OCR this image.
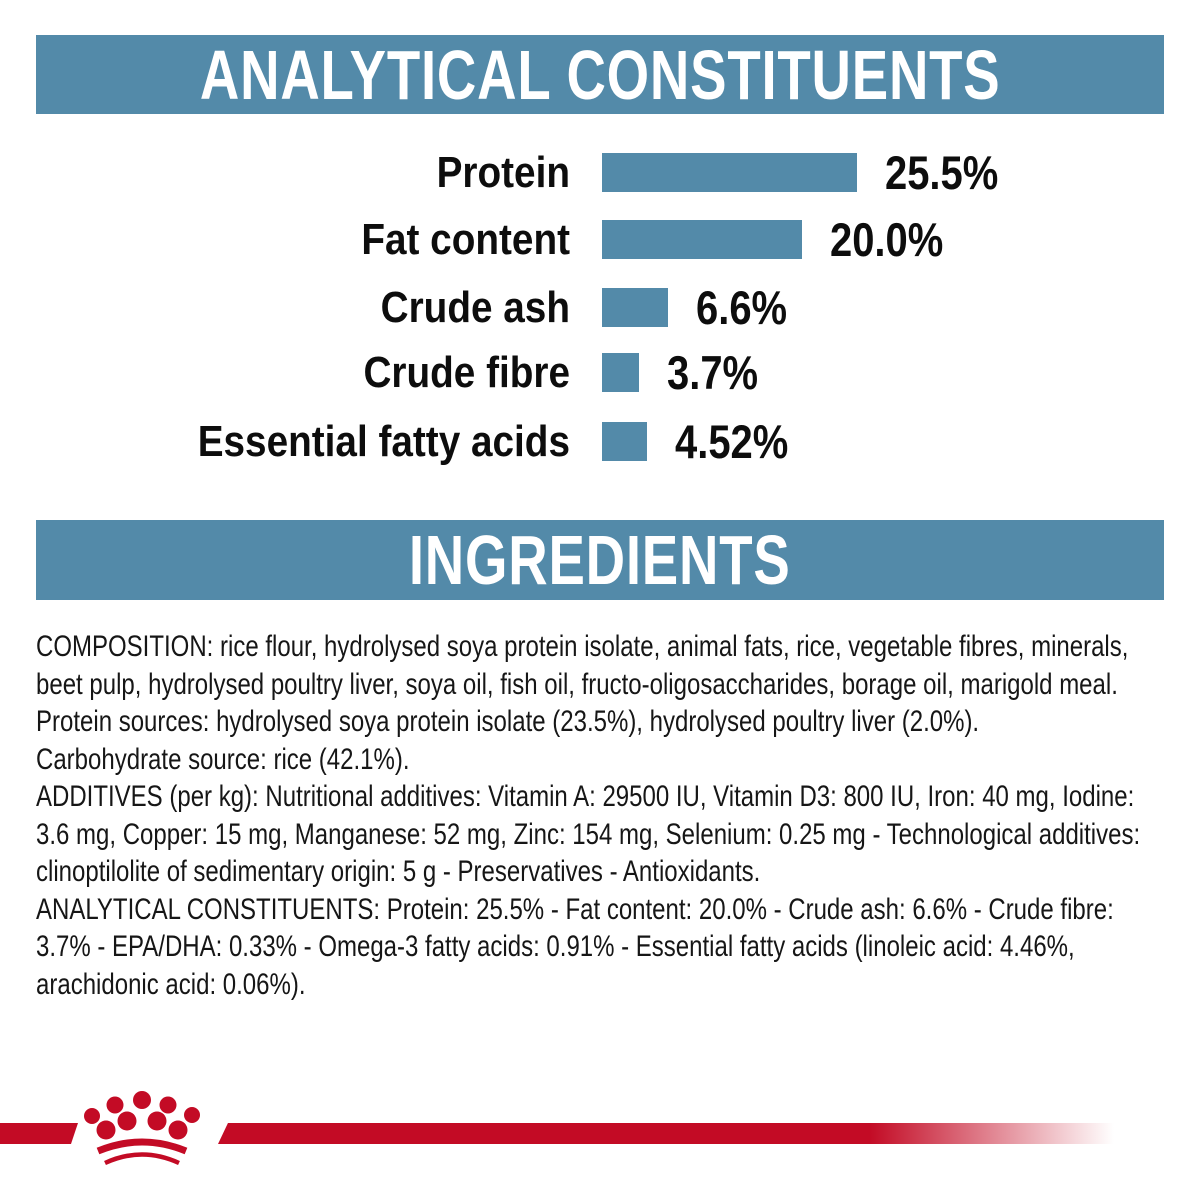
ANALYTICAL CONSTITUENTS
Protein	25.5%
Fat content	20.0%
Crude ash	6.6%
Crude fibre 3.7%
Essential fatty acids 4.52%
INGREDIENTS

COMPOSITION: rice flour, hydrolysed soya protein isolate, animal fats, rice, vegetable fibres, minerals, beet pulp, hydrolysed poultry liver, soya oil, fish oil, fructo-oligosaccharides, borage oil, marigold meal.

Protein sources: hydrolysed soya protein isolate (23.5%), hydrolysed poultry liver (2.0%).

Carbohydrate source: rice (42.1%).

ADDITIVES (per kg): Nutritional additives: Vitamin A: 29500 IU, Vitamin D3: 800 IU, Iron: 40 mg, Iodine: 3.6 mg, Copper: 15 mg, Manganese: 52 mg, Zinc: 154 mg, Selenium: 0.25 mg - Technological additives: clinoptilolite of sedimentary origin: 5 g - Preservatives - Antioxidants.

ANALYTICAL CONSTITUENTS: Protein: 25.5% - Fat content: 20.0% - Crude ash: 6.6% - Crude fibre: 3.7% - EPA/DHA: 0.33% - Omega-3 fatty acids: 0.91% - Essential fatty acids (linoleic acid: 4.46%, arachidonic acid: 0.06%).
